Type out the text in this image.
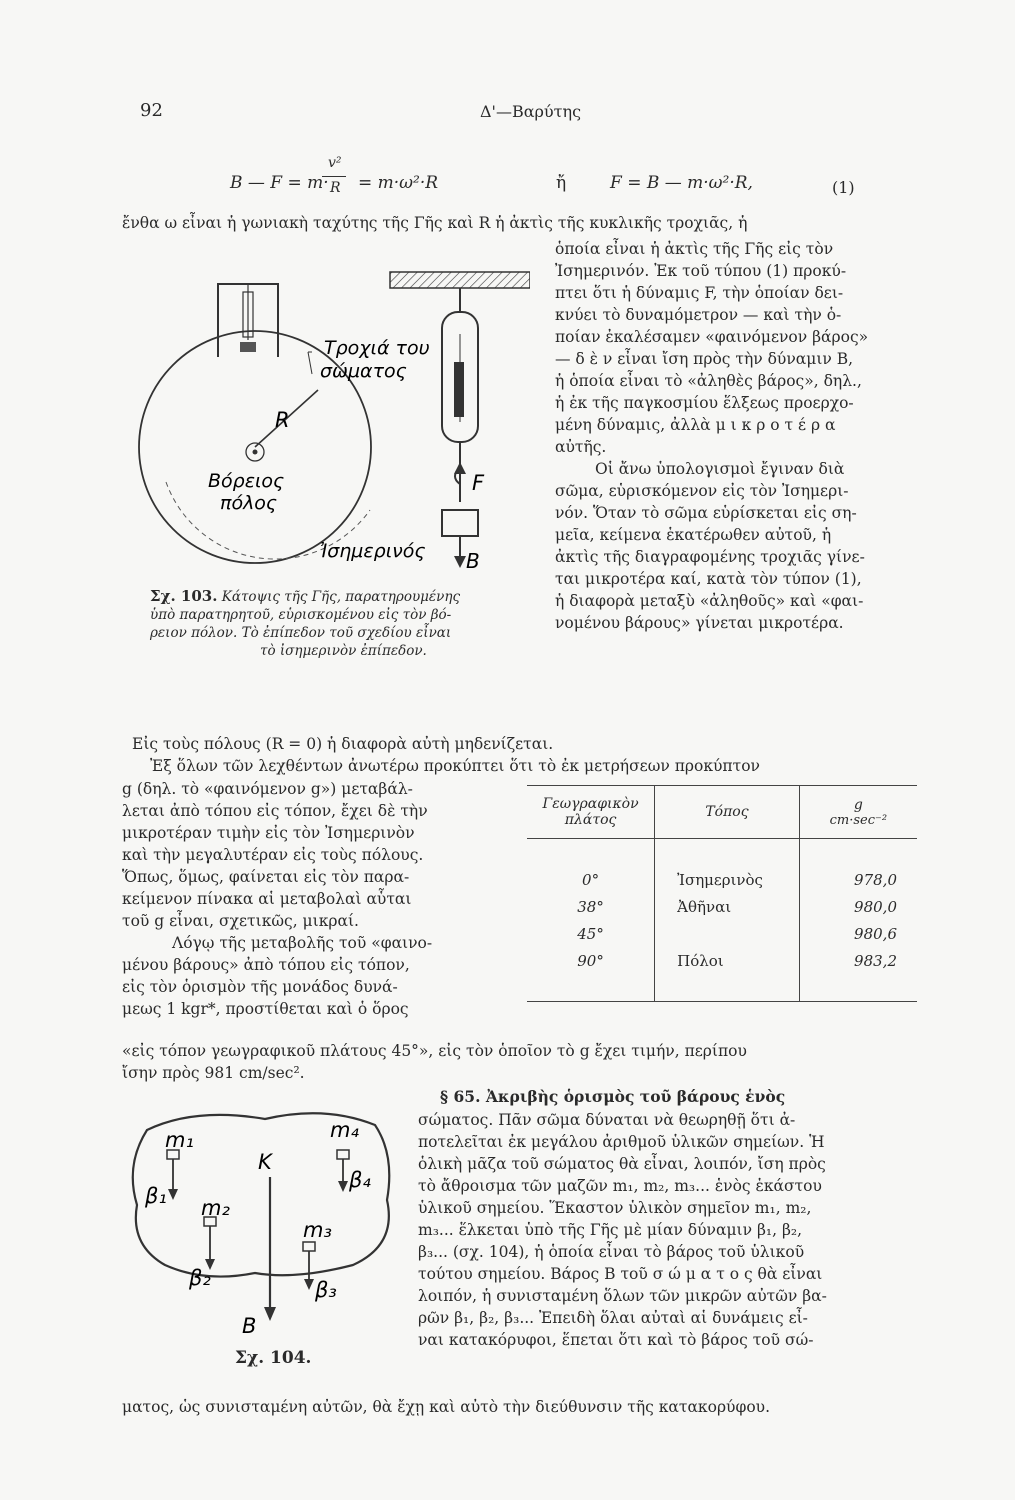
92	Δ'—Βαρύτης
B — F = m·
v²
R = m·ω²·R	ἤ	F = B — m·ω²·R,	(1)
ἔνθα ω εἶναι ἡ γωνιακὴ ταχύτης τῆς Γῆς καὶ R ἡ ἀκτὶς τῆς κυκλικῆς τροχιᾶς, ἡ
Τροχιά του
σώματος
R
Βόρειος
πόλος
Ἰσημερινός
F
B
Σχ. 103. Κάτοψις τῆς Γῆς, παρατηρουμένης
ὑπὸ παρατηρητοῦ, εὑρισκομένου εἰς τὸν βό-
ρειον πόλον. Τὸ ἐπίπεδον τοῦ σχεδίου εἶναι
τὸ ἰσημερινὸν ἐπίπεδον.
ὁποία εἶναι ἡ ἀκτὶς τῆς Γῆς εἰς τὸν
Ἰσημερινόν. Ἐκ τοῦ τύπου (1) προκύ-
πτει ὅτι ἡ δύναμις F, τὴν ὁποίαν δει-
κνύει τὸ δυναμόμετρον — καὶ τὴν ὁ-
ποίαν ἐκαλέσαμεν «φαινόμενον βάρος»
— δ ὲ ν εἶναι ἴση πρὸς τὴν δύναμιν B,
ἡ ὁποία εἶναι τὸ «ἀληθὲς βάρος», δηλ.,
ἡ ἐκ τῆς παγκοσμίου ἕλξεως προερχο-
μένη δύναμις, ἀλλὰ μ ι κ ρ ο τ έ ρ α
αὐτῆς.
Οἱ ἄνω ὑπολογισμοὶ ἔγιναν διὰ
σῶμα, εὑρισκόμενον εἰς τὸν Ἰσημερι-
νόν. Ὅταν τὸ σῶμα εὑρίσκεται εἰς ση-
μεῖα, κείμενα ἑκατέρωθεν αὐτοῦ, ἡ
ἀκτὶς τῆς διαγραφομένης τροχιᾶς γίνε-
ται μικροτέρα καί, κατὰ τὸν τύπον (1),
ἡ διαφορὰ μεταξὺ «ἀληθοῦς» καὶ «φαι-
νομένου βάρους» γίνεται μικροτέρα.
Εἰς τοὺς πόλους (R = 0) ἡ διαφορὰ αὐτὴ μηδενίζεται.
Ἐξ ὅλων τῶν λεχθέντων ἀνωτέρω προκύπτει ὅτι τὸ ἐκ μετρήσεων προκύπτον
g (δηλ. τὸ «φαινόμενον g») μεταβάλ-
λεται ἀπὸ τόπου εἰς τόπον, ἔχει δὲ τὴν
μικροτέραν τιμὴν εἰς τὸν Ἰσημερινὸν
καὶ τὴν μεγαλυτέραν εἰς τοὺς πόλους.
Ὅπως, ὅμως, φαίνεται εἰς τὸν παρα-
κείμενον πίνακα αἱ μεταβολαὶ αὗται
τοῦ g εἶναι, σχετικῶς, μικραί.
Λόγῳ τῆς μεταβολῆς τοῦ «φαινο-
μένου βάρους» ἀπὸ τόπου εἰς τόπον,
εἰς τὸν ὁρισμὸν τῆς μονάδος δυνά-
μεως 1 kgr*, προστίθεται καὶ ὁ ὅρος
Γεωγραφικὸν πλάτος	Τόπος	g
cm·sec⁻²

0°	Ἰσημερινὸς	978,0
38°	Ἀθῆναι	980,0
45°		980,6
90°	Πόλοι	983,2

«εἰς τόπον γεωγραφικοῦ πλάτους 45°», εἰς τὸν ὁποῖον τὸ g ἔχει τιμήν, περίπου
ἴσην πρὸς 981 cm/sec².
§ 65. Ἀκριβὴς ὁρισμὸς τοῦ βάρους ἑνὸς
σώματος. Πᾶν σῶμα δύναται νὰ θεωρηθῇ ὅτι ἀ-
ποτελεῖται ἐκ μεγάλου ἀριθμοῦ ὑλικῶν σημείων. Ἡ
ὁλικὴ μᾶζα τοῦ σώματος θὰ εἶναι, λοιπόν, ἴση πρὸς
τὸ ἄθροισμα τῶν μαζῶν m₁, m₂, m₃... ἑνὸς ἑκάστου
ὑλικοῦ σημείου. Ἕκαστον ὑλικὸν σημεῖον m₁, m₂,
m₃... ἕλκεται ὑπὸ τῆς Γῆς μὲ μίαν δύναμιν β₁, β₂,
β₃... (σχ. 104), ἡ ὁποία εἶναι τὸ βάρος τοῦ ὑλικοῦ
τούτου σημείου. Βάρος B τοῦ σ ώ μ α τ ο ς θὰ εἶναι
λοιπόν, ἡ συνισταμένη ὅλων τῶν μικρῶν αὐτῶν βα-
ρῶν β₁, β₂, β₃... Ἐπειδὴ ὅλαι αὐταὶ αἱ δυνάμεις εἶ-
ναι κατακόρυφοι, ἕπεται ὅτι καὶ τὸ βάρος τοῦ σώ-
m₁	m₄
m₂
m₃
β₁
β₄
β₂	β₃
K
B
Σχ. 104.
ματος, ὡς συνισταμένη αὐτῶν, θὰ ἔχῃ καὶ αὐτὸ τὴν διεύθυνσιν τῆς κατακορύφου.
